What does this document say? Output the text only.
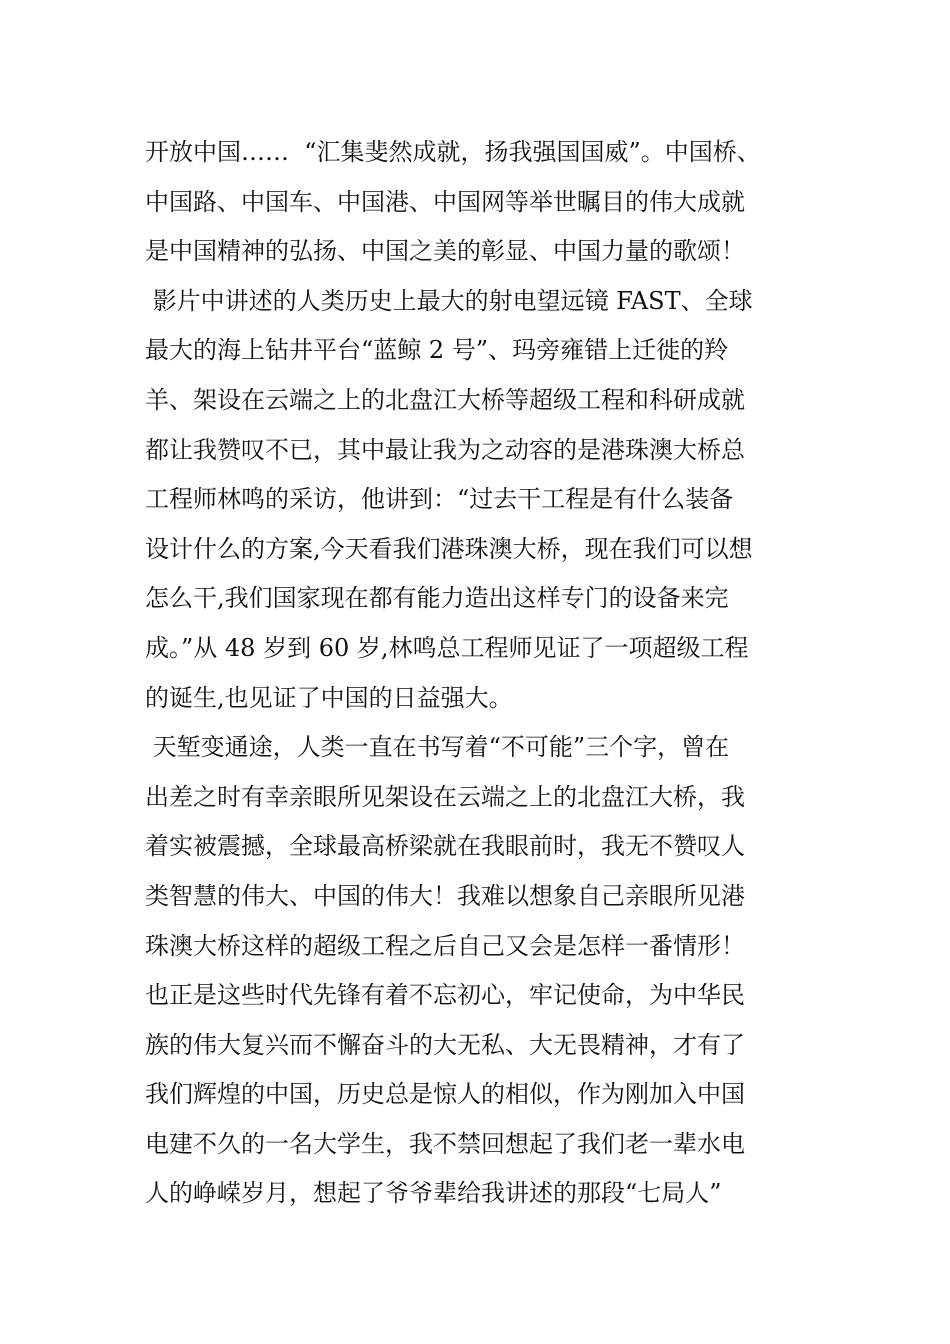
开放中国……  “汇集斐然成就，扬我强国国威”。中国桥、
中国路、中国车、中国港、中国网等举世瞩目的伟大成就
是中国精神的弘扬、中国之美的彰显、中国力量的歌颂！
影片中讲述的人类历史上最大的射电望远镜 FAST、全球
最大的海上钻井平台“蓝鲸 2 号”、玛旁雍错上迁徙的羚
羊、架设在云端之上的北盘江大桥等超级工程和科研成就
都让我赞叹不已，其中最让我为之动容的是港珠澳大桥总
工程师林鸣的采访，他讲到：“过去干工程是有什么装备
设计什么的方案,今天看我们港珠澳大桥，现在我们可以想
怎么干,我们国家现在都有能力造出这样专门的设备来完
成。”从 48 岁到 60 岁,林鸣总工程师见证了一项超级工程
的诞生,也见证了中国的日益强大。
天堑变通途，人类一直在书写着“不可能”三个字，曾在
出差之时有幸亲眼所见架设在云端之上的北盘江大桥，我
着实被震撼，全球最高桥梁就在我眼前时，我无不赞叹人
类智慧的伟大、中国的伟大！我难以想象自己亲眼所见港
珠澳大桥这样的超级工程之后自己又会是怎样一番情形！
也正是这些时代先锋有着不忘初心，牢记使命，为中华民
族的伟大复兴而不懈奋斗的大无私、大无畏精神，才有了
我们辉煌的中国，历史总是惊人的相似，作为刚加入中国
电建不久的一名大学生，我不禁回想起了我们老一辈水电
人的峥嵘岁月，想起了爷爷辈给我讲述的那段“七局人”
